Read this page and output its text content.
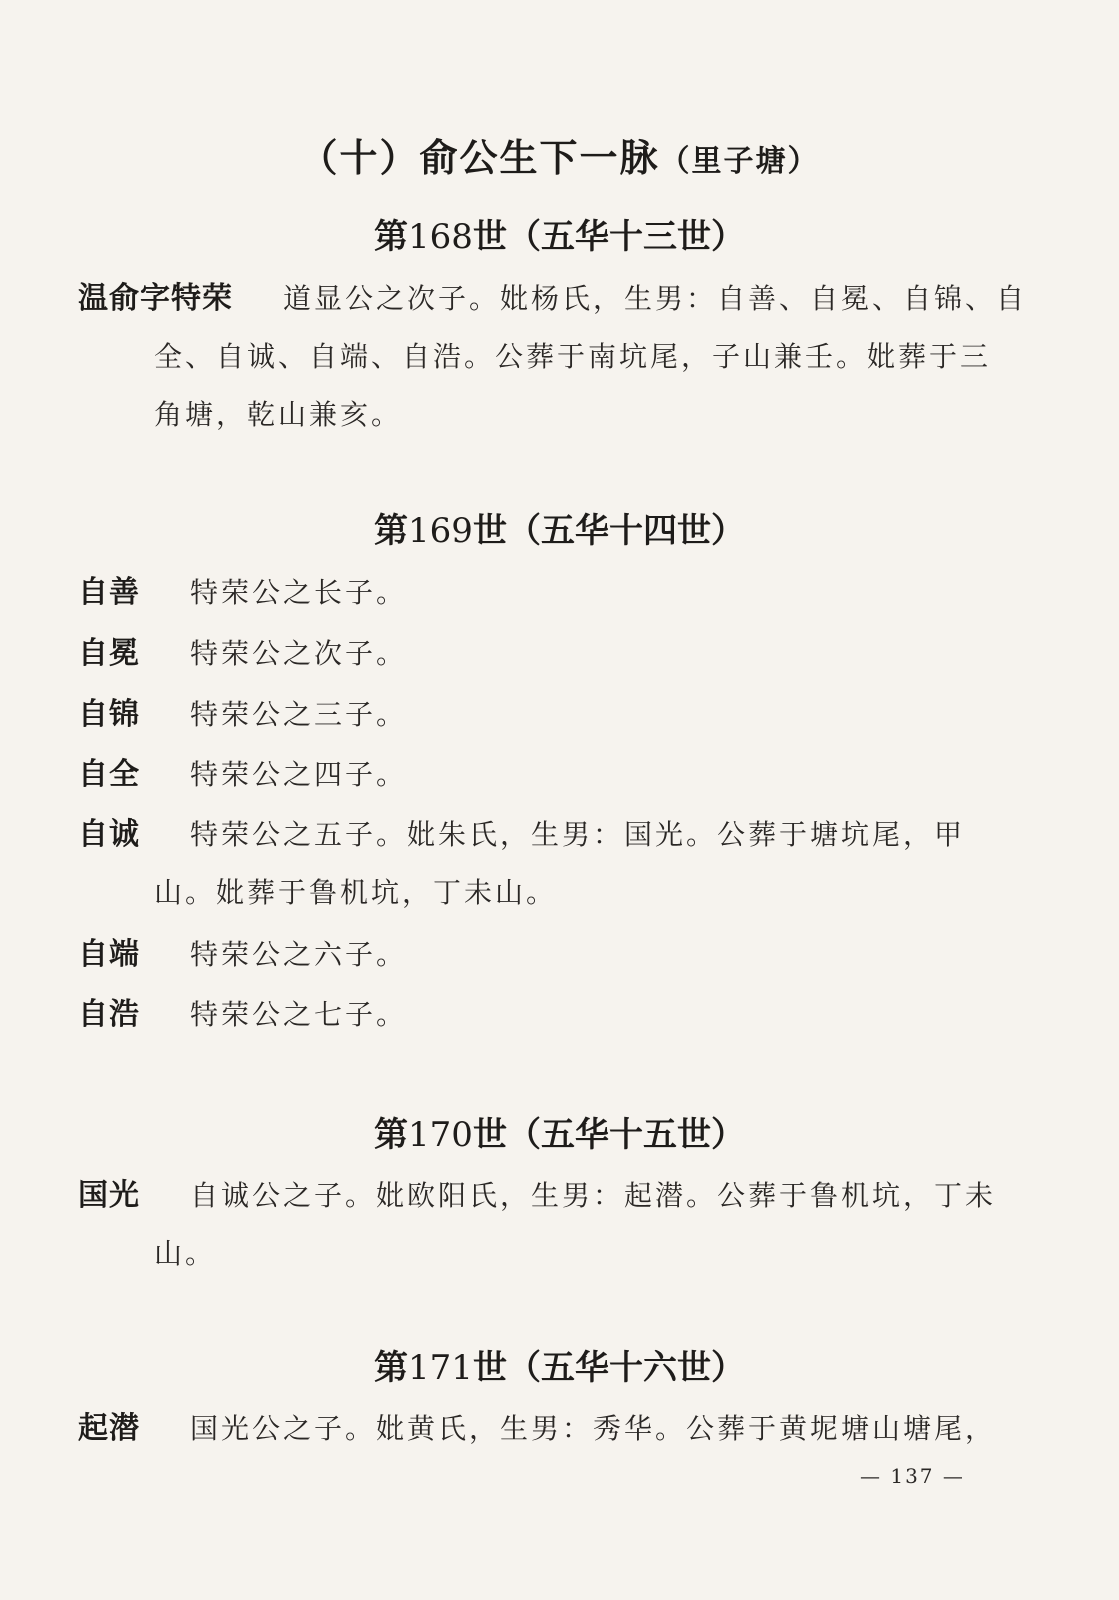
（十）俞公生下一脉（里子塘）
第168世（五华十三世）
温俞字特荣 道显公之次子。妣杨氏，生男：自善、自冕、自锦、自
全、自诚、自端、自浩。公葬于南坑尾，子山兼壬。妣葬于三
角塘，乾山兼亥。
第169世（五华十四世）
自善 特荣公之长子。
自冕 特荣公之次子。
自锦 特荣公之三子。
自全 特荣公之四子。
自诚 特荣公之五子。妣朱氏，生男：国光。公葬于塘坑尾，甲
山。妣葬于鲁机坑，丁未山。
自端 特荣公之六子。
自浩 特荣公之七子。
第170世（五华十五世）
国光 自诚公之子。妣欧阳氏，生男：起潜。公葬于鲁机坑，丁未
山。
第171世（五华十六世）
起潜 国光公之子。妣黄氏，生男：秀华。公葬于黄坭塘山塘尾，
— 137 —
